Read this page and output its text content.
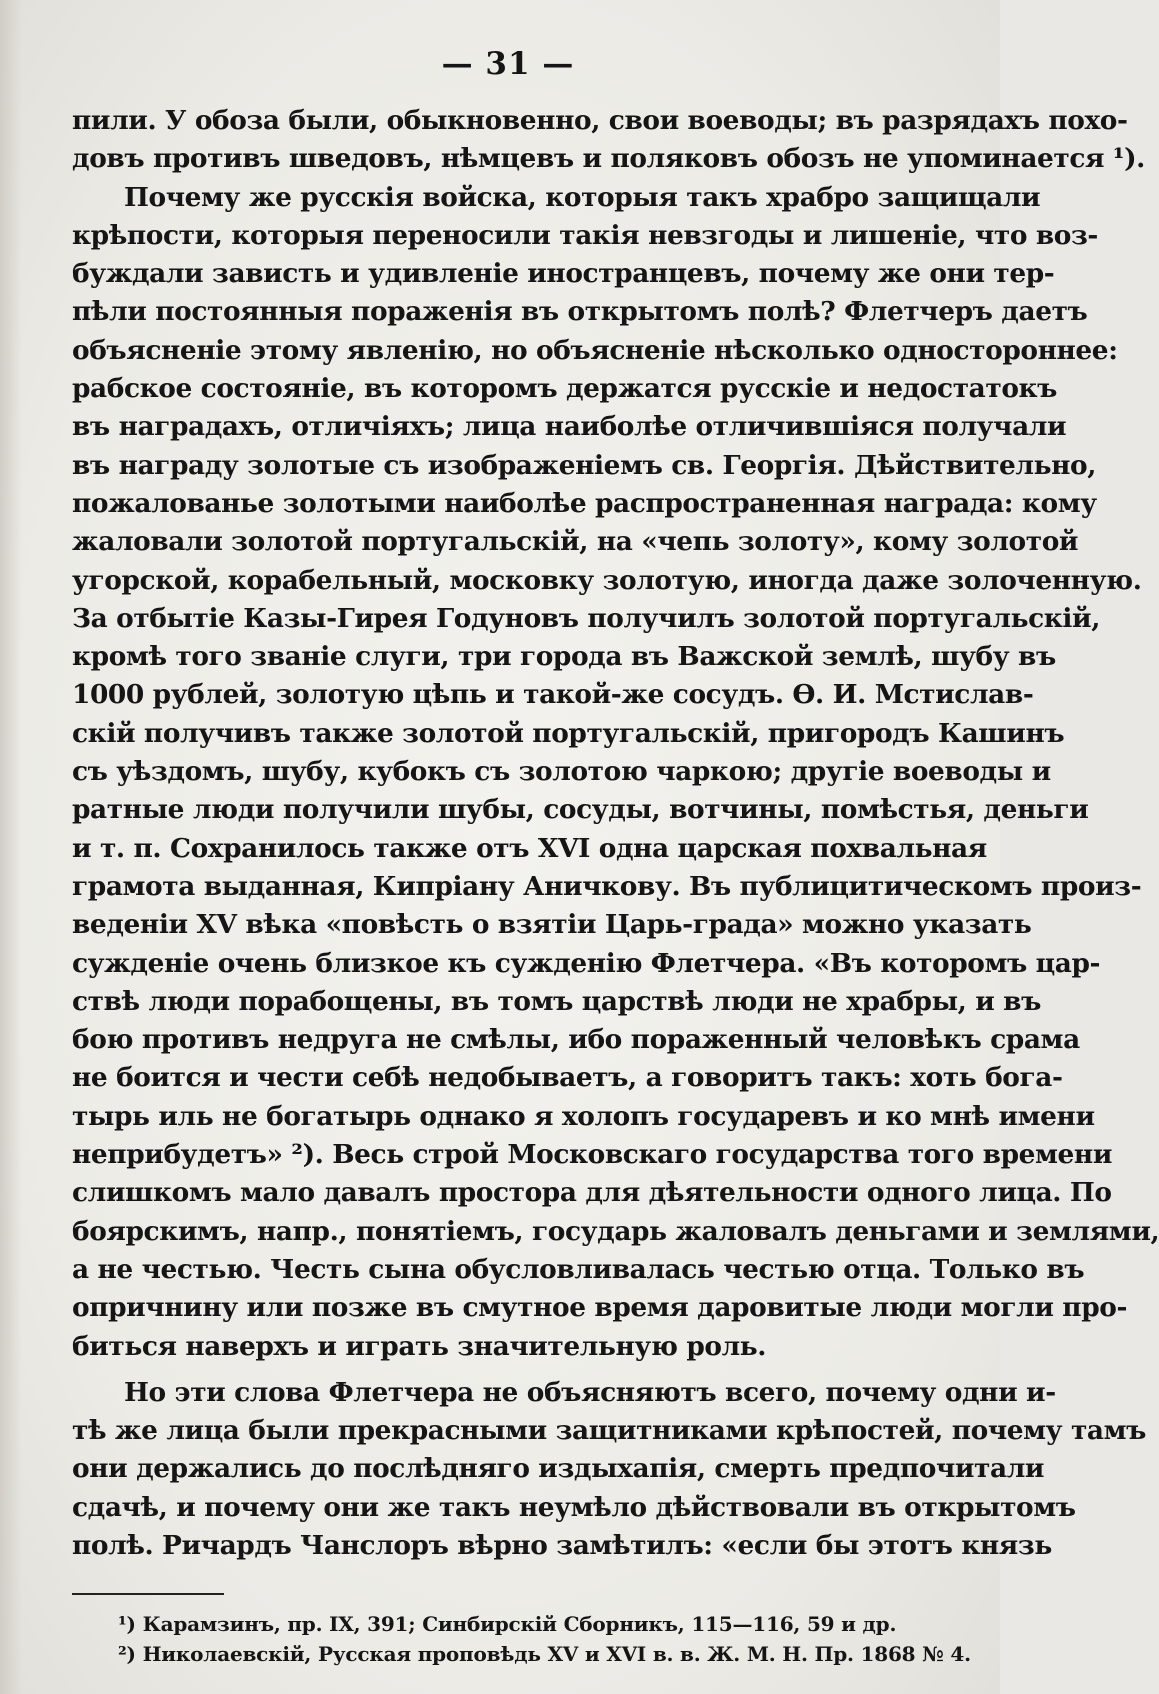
— 31 —
пили. У обоза были, обыкновенно, свои воеводы; въ разрядахъ похо-
довъ противъ шведовъ, нѣмцевъ и поляковъ обозъ не упоминается ¹).
Почему же русскія войска, которыя такъ храбро защищали
крѣпости, которыя переносили такія невзгоды и лишеніе, что воз-
буждали зависть и удивленіе иностранцевъ, почему же они тер-
пѣли постоянныя пораженія въ открытомъ полѣ? Флетчеръ даетъ
объясненіе этому явленію, но объясненіе нѣсколько одностороннее:
рабское состояніе, въ которомъ держатся русскіе и недостатокъ
въ наградахъ, отличіяхъ; лица наиболѣе отличившіяся получали
въ награду золотые съ изображеніемъ св. Георгія. Дѣйствительно,
пожалованье золотыми наиболѣе распространенная награда: кому
жаловали золотой португальскій, на «чепь золоту», кому золотой
угорской, корабельный, московку золотую, иногда даже золоченную.
За отбытіе Казы-Гирея Годуновъ получилъ золотой португальскій,
кромѣ того званіе слуги, три города въ Важской землѣ, шубу въ
1000 рублей, золотую цѣпь и такой-же сосудъ. Ѳ. И. Мстислав-
скій получивъ также золотой португальскій, пригородъ Кашинъ
съ уѣздомъ, шубу, кубокъ съ золотою чаркою; другіе воеводы и
ратные люди получили шубы, сосуды, вотчины, помѣстья, деньги
и т. п. Сохранилось также отъ XVI одна царская похвальная
грамота выданная, Кипріану Аничкову. Въ публицитическомъ произ-
веденіи XV вѣка «повѣсть о взятіи Царь-града» можно указать
сужденіе очень близкое къ сужденію Флетчера. «Въ которомъ цар-
ствѣ люди порабощены, въ томъ царствѣ люди не храбры, и въ
бою противъ недруга не смѣлы, ибо пораженный человѣкъ срама
не боится и чести себѣ недобываетъ, а говоритъ такъ: хоть бога-
тырь иль не богатырь однако я холопъ государевъ и ко мнѣ имени
неприбудетъ» ²). Весь строй Московскаго государства того времени
слишкомъ мало давалъ простора для дѣятельности одного лица. По
боярскимъ, напр., понятіемъ, государь жаловалъ деньгами и землями,
а не честью. Честь сына обусловливалась честью отца. Только въ
опричнину или позже въ смутное время даровитые люди могли про-
биться наверхъ и играть значительную роль.
Но эти слова Флетчера не объясняютъ всего, почему одни и-
тѣ же лица были прекрасными защитниками крѣпостей, почему тамъ
они держались до послѣдняго издыхапія, смерть предпочитали
сдачѣ, и почему они же такъ неумѣло дѣйствовали въ открытомъ
полѣ. Ричардъ Чанслоръ вѣрно замѣтилъ: «если бы этотъ князь
¹) Карамзинъ, пр. IX, 391; Синбирскій Сборникъ, 115—116, 59 и др.
²) Николаевскій, Русская проповѣдь XV и XVI в. в. Ж. М. Н. Пр. 1868 № 4.
